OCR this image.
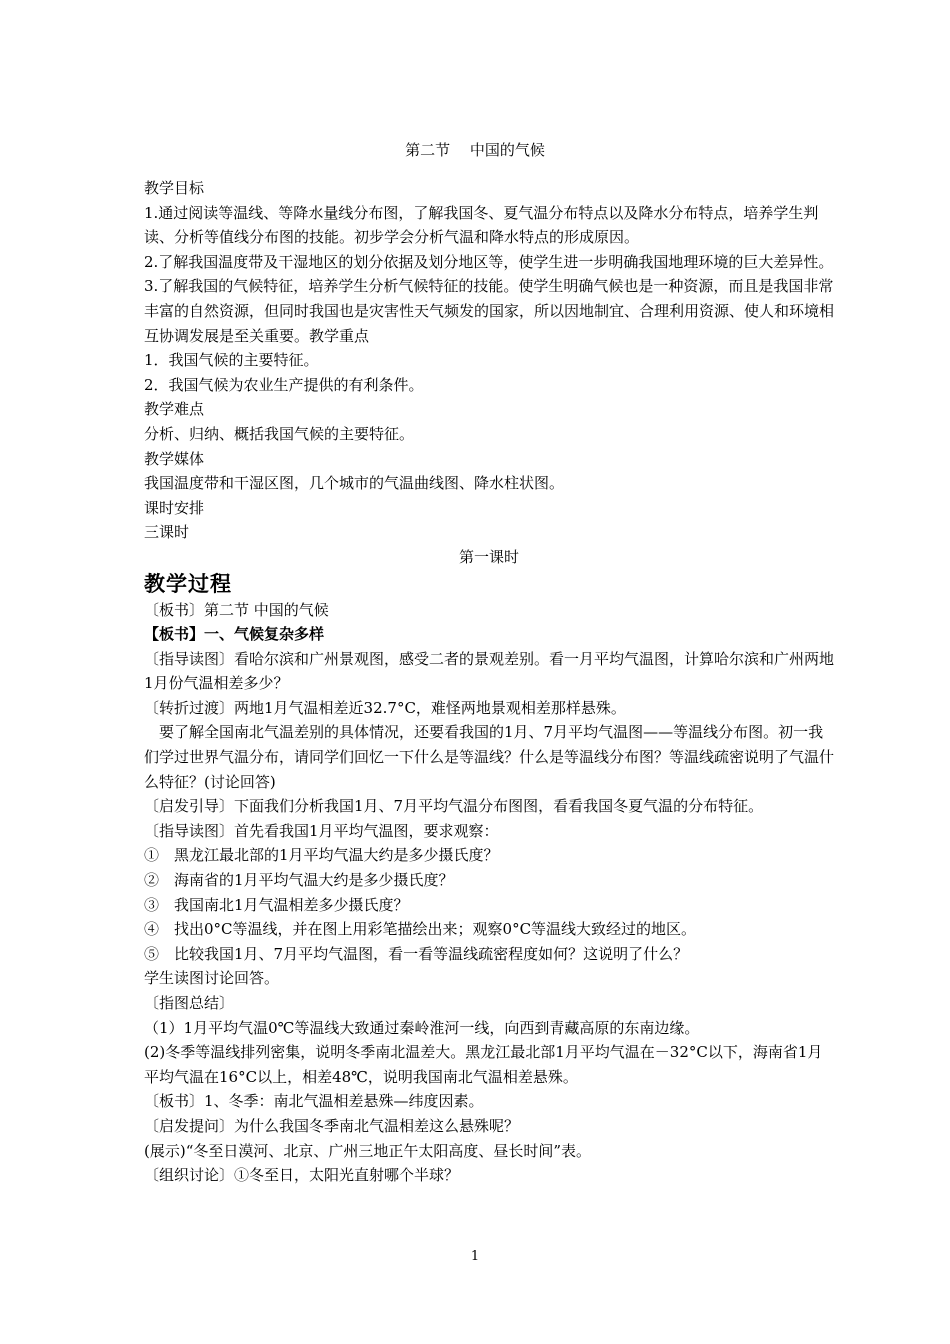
第二节　 中国的气候

教学目标

1.通过阅读等温线、等降水量线分布图，了解我国冬、夏气温分布特点以及降水分布特点，培养学生判读、分析等值线分布图的技能。初步学会分析气温和降水特点的形成原因。

2.了解我国温度带及干湿地区的划分依据及划分地区等，使学生进一步明确我国地理环境的巨大差异性。

3.了解我国的气候特征，培养学生分析气候特征的技能。使学生明确气候也是一种资源，而且是我国非常丰富的自然资源，但同时我国也是灾害性天气频发的国家，所以因地制宜、合理利用资源、使人和环境相互协调发展是至关重要。教学重点

1．我国气候的主要特征。

2．我国气候为农业生产提供的有利条件。

教学难点

分析、归纳、概括我国气候的主要特征。

教学媒体

我国温度带和干湿区图，几个城市的气温曲线图、降水柱状图。

课时安排

三课时

第一课时

教学过程

〔板书〕第二节 中国的气候

【板书】一、气候复杂多样

〔指导读图〕看哈尔滨和广州景观图，感受二者的景观差别。看一月平均气温图，计算哈尔滨和广州两地1月份气温相差多少？

〔转折过渡〕两地1月气温相差近32.7°C，难怪两地景观相差那样悬殊。

要了解全国南北气温差别的具体情况，还要看我国的1月、7月平均气温图——等温线分布图。初一我们学过世界气温分布，请同学们回忆一下什么是等温线？什么是等温线分布图？等温线疏密说明了气温什么特征？(讨论回答)

〔启发引导〕下面我们分析我国1月、7月平均气温分布图图，看看我国冬夏气温的分布特征。

〔指导读图〕首先看我国1月平均气温图，要求观察：

①　黑龙江最北部的1月平均气温大约是多少摄氏度？

②　海南省的1月平均气温大约是多少摄氏度？

③　我国南北1月气温相差多少摄氏度？

④　找出0°C等温线，并在图上用彩笔描绘出来；观察0°C等温线大致经过的地区。

⑤　比较我国1月、7月平均气温图，看一看等温线疏密程度如何？这说明了什么？

学生读图讨论回答。

〔指图总结〕

（1）1月平均气温0℃等温线大致通过秦岭淮河一线，向西到青藏高原的东南边缘。

(2)冬季等温线排列密集，说明冬季南北温差大。黑龙江最北部1月平均气温在－32°C以下，海南省1月平均气温在16°C以上，相差48℃，说明我国南北气温相差悬殊。

〔板书〕1、冬季：南北气温相差悬殊—纬度因素。

〔启发提问〕为什么我国冬季南北气温相差这么悬殊呢？

(展示)“冬至日漠河、北京、广州三地正午太阳高度、昼长时间”表。

〔组织讨论〕①冬至日，太阳光直射哪个半球？

1
